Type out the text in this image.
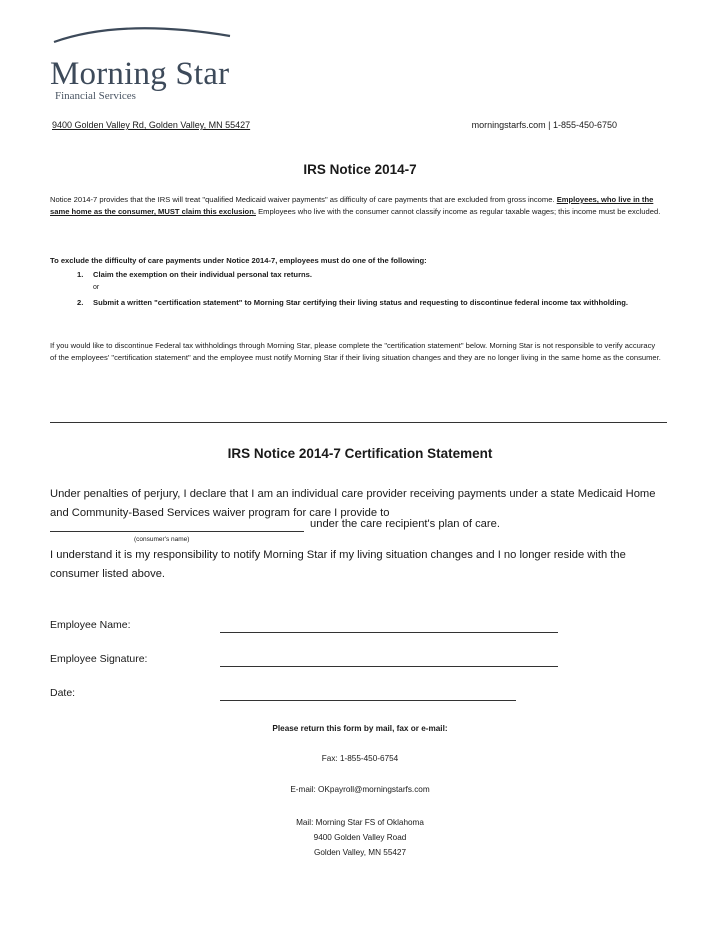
Morning Star
Financial Services
9400 Golden Valley Rd, Golden Valley, MN 55427	morningstarfs.com | 1-855-450-6750
IRS Notice 2014-7

Notice 2014-7 provides that the IRS will treat "qualified Medicaid waiver payments" as difficulty of care payments that are excluded from gross income. Employees, who live in the same home as the consumer, MUST claim this exclusion. Employees who live with the consumer cannot classify income as regular taxable wages; this income must be excluded.

To exclude the difficulty of care payments under Notice 2014-7, employees must do one of the following:

1. Claim the exemption on their individual personal tax returns.
or
2. Submit a written "certification statement" to Morning Star certifying their living status and requesting to discontinue federal income tax withholding.

If you would like to discontinue Federal tax withholdings through Morning Star, please complete the "certification statement" below. Morning Star is not responsible to verify accuracy of the employees' "certification statement" and the employee must notify Morning Star if their living situation changes and they are no longer living in the same home as the consumer.

IRS Notice 2014-7 Certification Statement

Under penalties of perjury, I declare that I am an individual care provider receiving payments under a state Medicaid Home and Community-Based Services waiver program for care I provide to

under the care recipient's plan of care.
(consumer's name)

I understand it is my responsibility to notify Morning Star if my living situation changes and I no longer reside with the consumer listed above.

Employee Name:
Employee Signature:
Date:
Please return this form by mail, fax or e-mail:
Fax: 1-855-450-6754
E-mail: OKpayroll@morningstarfs.com
Mail: Morning Star FS of Oklahoma
9400 Golden Valley Road
Golden Valley, MN 55427
